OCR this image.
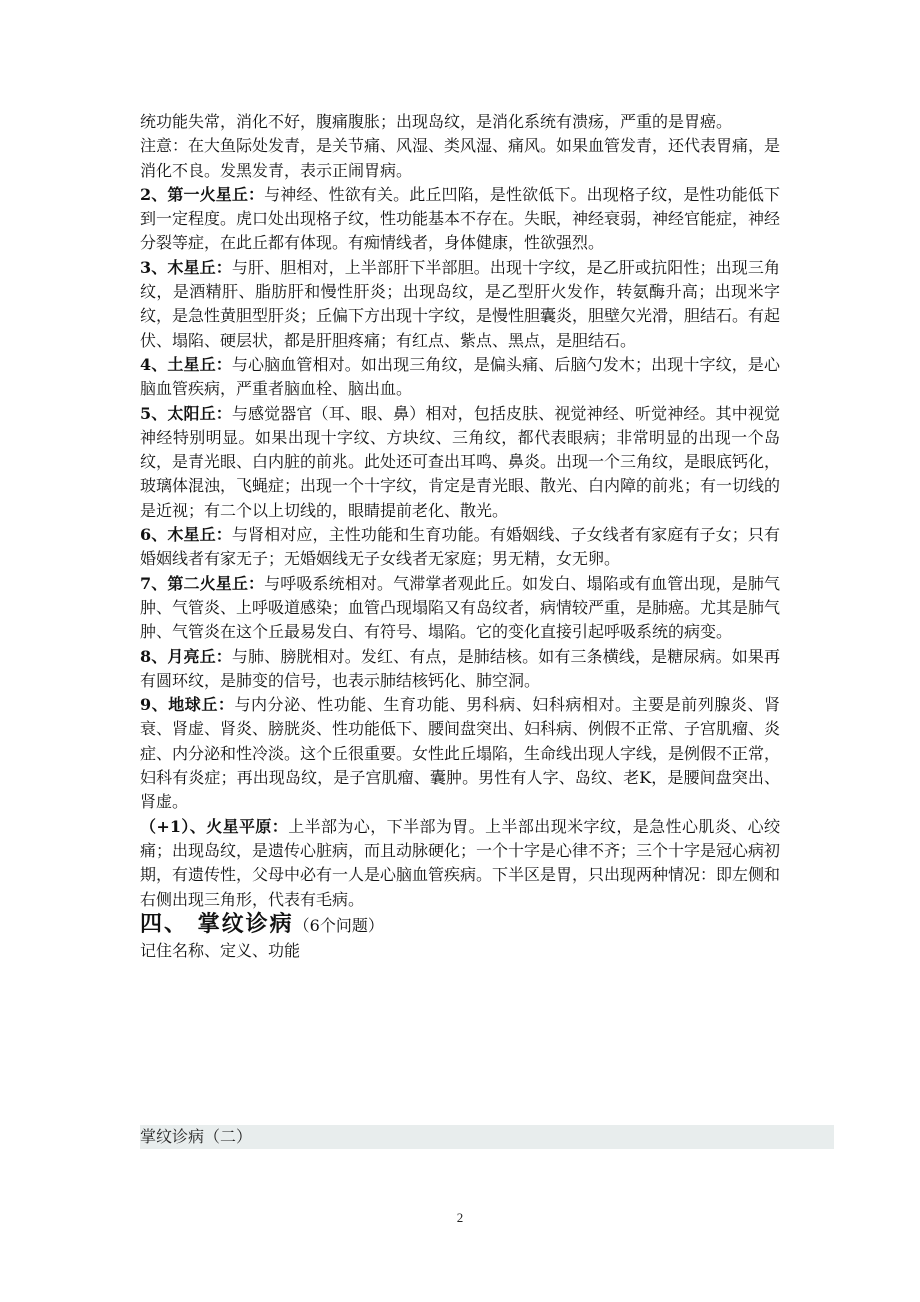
统功能失常，消化不好，腹痛腹胀；出现岛纹，是消化系统有溃疡，严重的是胃癌。

注意：在大鱼际处发青，是关节痛、风湿、类风湿、痛风。如果血管发青，还代表胃痛，是消化不良。发黑发青，表示正闹胃病。

2、第一火星丘：与神经、性欲有关。此丘凹陷，是性欲低下。出现格子纹，是性功能低下到一定程度。虎口处出现格子纹，性功能基本不存在。失眠，神经衰弱，神经官能症，神经分裂等症，在此丘都有体现。有痴情线者，身体健康，性欲强烈。

3、木星丘：与肝、胆相对，上半部肝下半部胆。出现十字纹，是乙肝或抗阳性；出现三角纹，是酒精肝、脂肪肝和慢性肝炎；出现岛纹，是乙型肝火发作，转氨酶升高；出现米字纹，是急性黄胆型肝炎；丘偏下方出现十字纹，是慢性胆囊炎，胆壁欠光滑，胆结石。有起伏、塌陷、硬层状，都是肝胆疼痛；有红点、紫点、黑点，是胆结石。

4、土星丘：与心脑血管相对。如出现三角纹，是偏头痛、后脑勺发木；出现十字纹，是心脑血管疾病，严重者脑血栓、脑出血。

5、太阳丘：与感觉器官（耳、眼、鼻）相对，包括皮肤、视觉神经、听觉神经。其中视觉神经特别明显。如果出现十字纹、方块纹、三角纹，都代表眼病；非常明显的出现一个岛纹，是青光眼、白内脏的前兆。此处还可查出耳鸣、鼻炎。出现一个三角纹，是眼底钙化，玻璃体混浊，飞蝇症；出现一个十字纹，肯定是青光眼、散光、白内障的前兆；有一切线的是近视；有二个以上切线的，眼睛提前老化、散光。

6、木星丘：与肾相对应，主性功能和生育功能。有婚姻线、子女线者有家庭有子女；只有婚姻线者有家无子；无婚姻线无子女线者无家庭；男无精，女无卵。

7、第二火星丘：与呼吸系统相对。气滞掌者观此丘。如发白、塌陷或有血管出现，是肺气肿、气管炎、上呼吸道感染；血管凸现塌陷又有岛纹者，病情较严重，是肺癌。尤其是肺气肿、气管炎在这个丘最易发白、有符号、塌陷。它的变化直接引起呼吸系统的病变。

8、月亮丘：与肺、膀胱相对。发红、有点，是肺结核。如有三条横线，是糖尿病。如果再有圆环纹，是肺变的信号，也表示肺结核钙化、肺空洞。

9、地球丘：与内分泌、性功能、生育功能、男科病、妇科病相对。主要是前列腺炎、肾衰、肾虚、肾炎、膀胱炎、性功能低下、腰间盘突出、妇科病、例假不正常、子宫肌瘤、炎症、内分泌和性冷淡。这个丘很重要。女性此丘塌陷，生命线出现人字线，是例假不正常，妇科有炎症；再出现岛纹，是子宫肌瘤、囊肿。男性有人字、岛纹、老K，是腰间盘突出、肾虚。

（+1）、火星平原：上半部为心，下半部为胃。上半部出现米字纹，是急性心肌炎、心绞痛；出现岛纹，是遗传心脏病，而且动脉硬化；一个十字是心律不齐；三个十字是冠心病初期，有遗传性，父母中必有一人是心脑血管疾病。下半区是胃，只出现两种情况：即左侧和右侧出现三角形，代表有毛病。

四、 掌纹诊病（6个问题）

记住名称、定义、功能

掌纹诊病（二）
2
